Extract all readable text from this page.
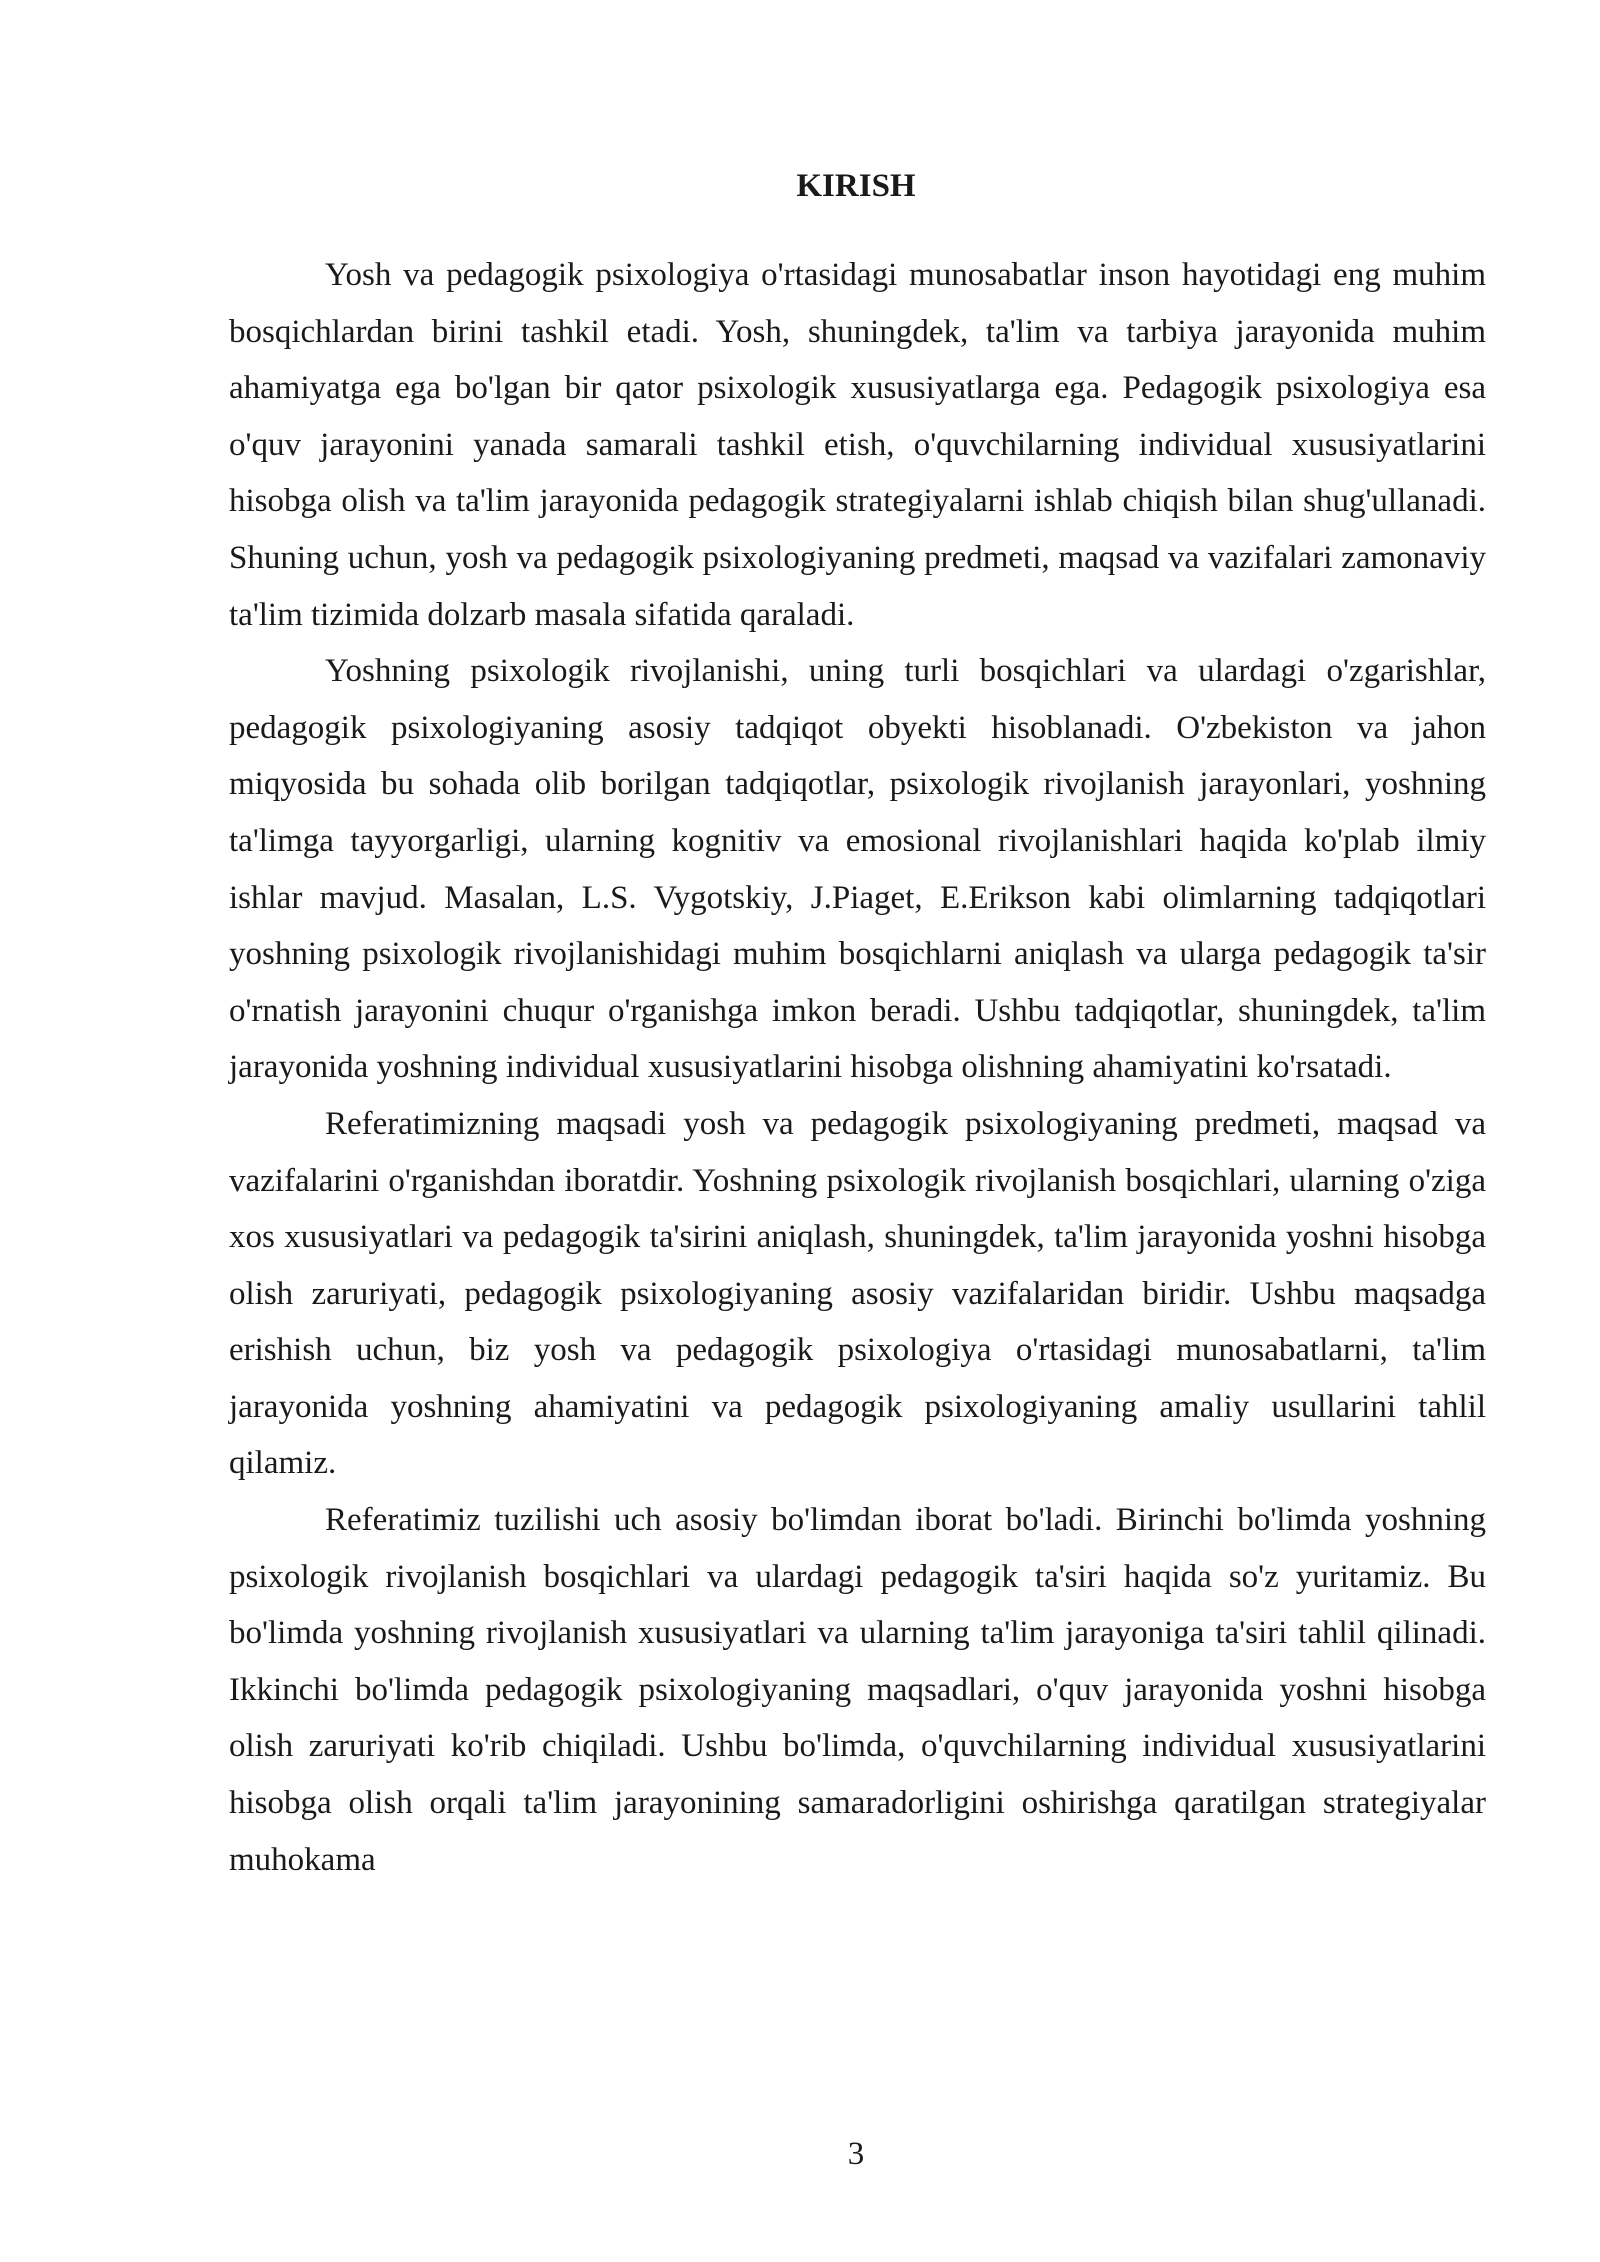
KIRISH

Yosh va pedagogik psixologiya o'rtasidagi munosabatlar inson hayotidagi eng muhim bosqichlardan birini tashkil etadi. Yosh, shuningdek, ta'lim va tarbiya jarayonida muhim ahamiyatga ega bo'lgan bir qator psixologik xususiyatlarga ega. Pedagogik psixologiya esa o'quv jarayonini yanada samarali tashkil etish, o'quvchilarning individual xususiyatlarini hisobga olish va ta'lim jarayonida pedagogik strategiyalarni ishlab chiqish bilan shug'ullanadi. Shuning uchun, yosh va pedagogik psixologiyaning predmeti, maqsad va vazifalari zamonaviy ta'lim tizimida dolzarb masala sifatida qaraladi.

Yoshning psixologik rivojlanishi, uning turli bosqichlari va ulardagi o'zgarishlar, pedagogik psixologiyaning asosiy tadqiqot obyekti hisoblanadi. O'zbekiston va jahon miqyosida bu sohada olib borilgan tadqiqotlar, psixologik rivojlanish jarayonlari, yoshning ta'limga tayyorgarligi, ularning kognitiv va emosional rivojlanishlari haqida ko'plab ilmiy ishlar mavjud. Masalan, L.S. Vygotskiy, J.Piaget, E.Erikson kabi olimlarning tadqiqotlari yoshning psixologik rivojlanishidagi muhim bosqichlarni aniqlash va ularga pedagogik ta'sir o'rnatish jarayonini chuqur o'rganishga imkon beradi. Ushbu tadqiqotlar, shuningdek, ta'lim jarayonida yoshning individual xususiyatlarini hisobga olishning ahamiyatini ko'rsatadi.

Referatimizning maqsadi yosh va pedagogik psixologiyaning predmeti, maqsad va vazifalarini o'rganishdan iboratdir. Yoshning psixologik rivojlanish bosqichlari, ularning o'ziga xos xususiyatlari va pedagogik ta'sirini aniqlash, shuningdek, ta'lim jarayonida yoshni hisobga olish zaruriyati, pedagogik psixologiyaning asosiy vazifalaridan biridir. Ushbu maqsadga erishish uchun, biz yosh va pedagogik psixologiya o'rtasidagi munosabatlarni, ta'lim jarayonida yoshning ahamiyatini va pedagogik psixologiyaning amaliy usullarini tahlil qilamiz.

Referatimiz tuzilishi uch asosiy bo'limdan iborat bo'ladi. Birinchi bo'limda yoshning psixologik rivojlanish bosqichlari va ulardagi pedagogik ta'siri haqida so'z yuritamiz. Bu bo'limda yoshning rivojlanish xususiyatlari va ularning ta'lim jarayoniga ta'siri tahlil qilinadi. Ikkinchi bo'limda pedagogik psixologiyaning maqsadlari, o'quv jarayonida yoshni hisobga olish zaruriyati ko'rib chiqiladi. Ushbu bo'limda, o'quvchilarning individual xususiyatlarini hisobga olish orqali ta'lim jarayonining samaradorligini oshirishga qaratilgan strategiyalar muhokama

3
